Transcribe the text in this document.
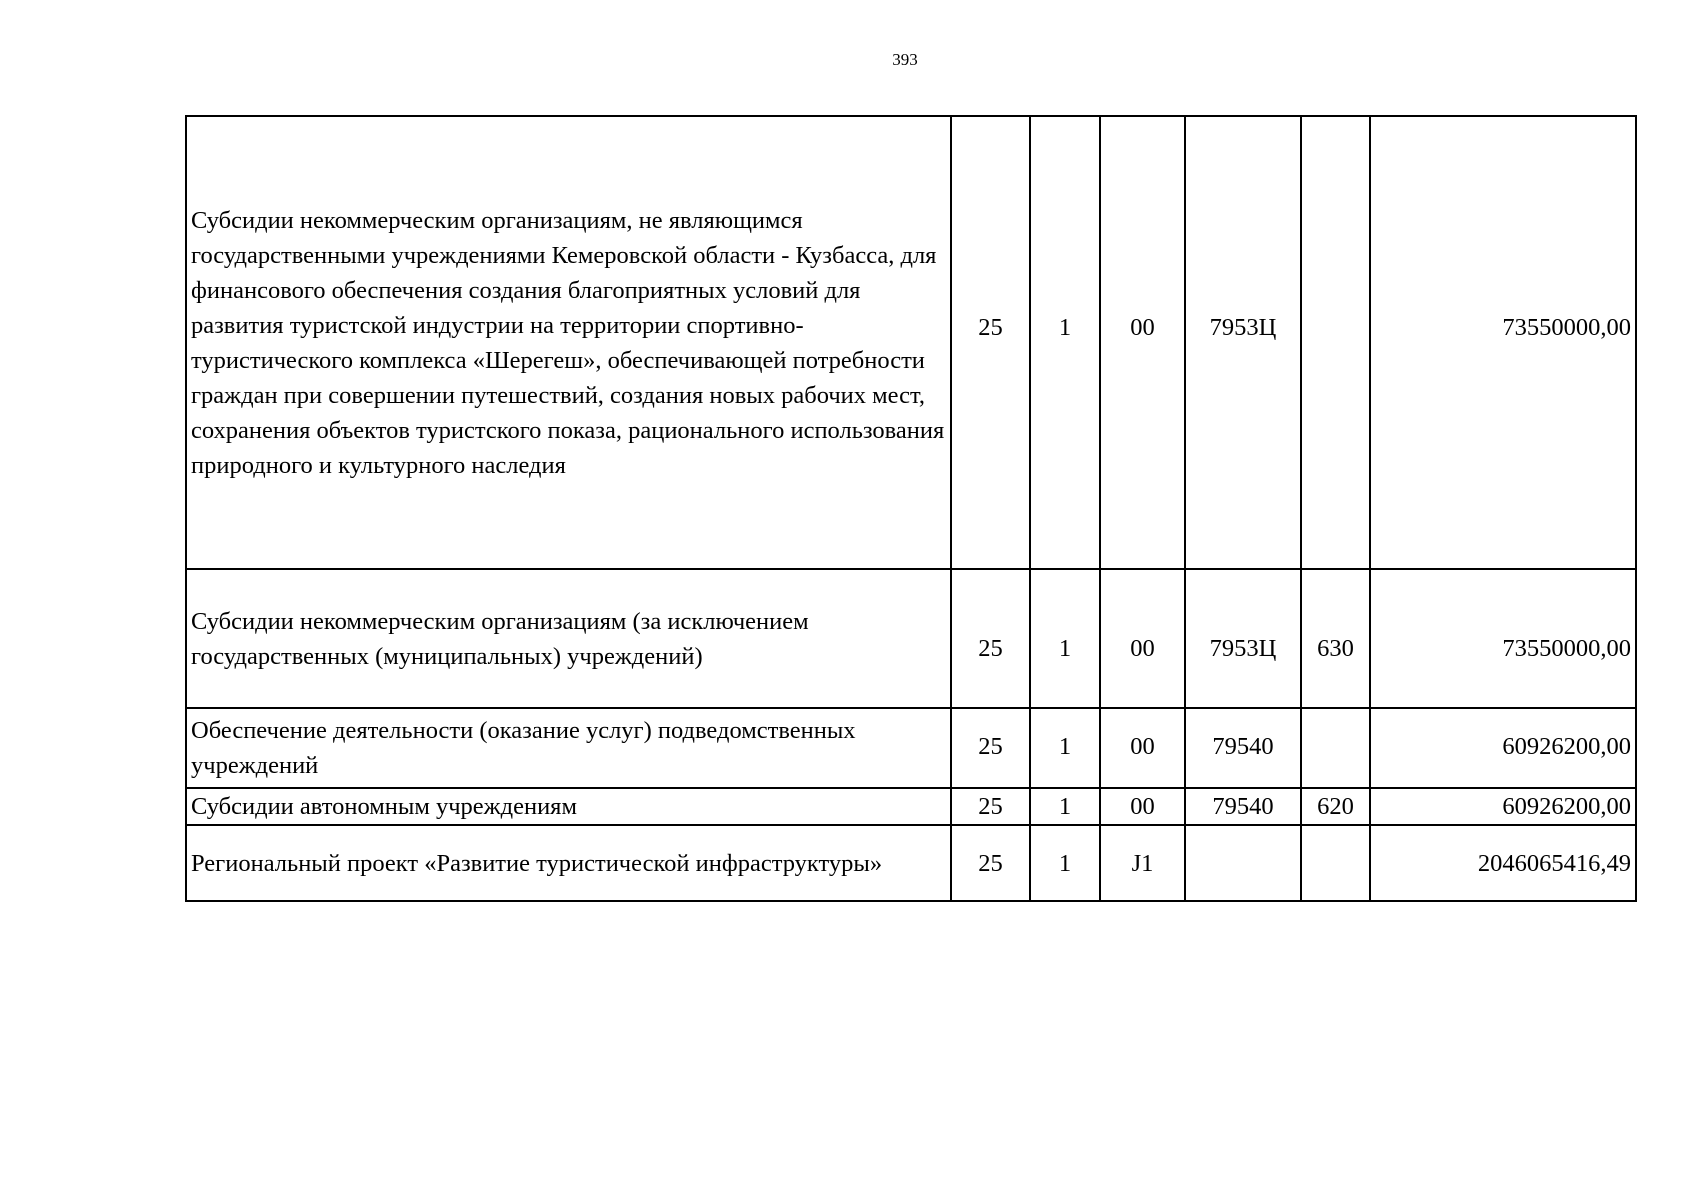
393
Субсидии некоммерческим организациям, не являющимся государственными учреждениями Кемеровской области - Кузбасса, для финансового обеспечения создания благоприятных условий для развития туристской индустрии на территории спортивно-туристического комплекса «Шерегеш», обеспечивающей потребности граждан при совершении путешествий, создания новых рабочих мест, сохранения объектов туристского показа, рационального использования природного и культурного наследия	25	1	00	7953Ц		73550000,00
Субсидии некоммерческим организациям (за исключением государственных (муниципальных) учреждений)	25	1	00	7953Ц	630	73550000,00
Обеспечение деятельности (оказание услуг) подведомственных учреждений	25	1	00	79540		60926200,00
Субсидии автономным учреждениям	25	1	00	79540	620	60926200,00
Региональный проект «Развитие туристической инфраструктуры»	25	1	J1			2046065416,49
